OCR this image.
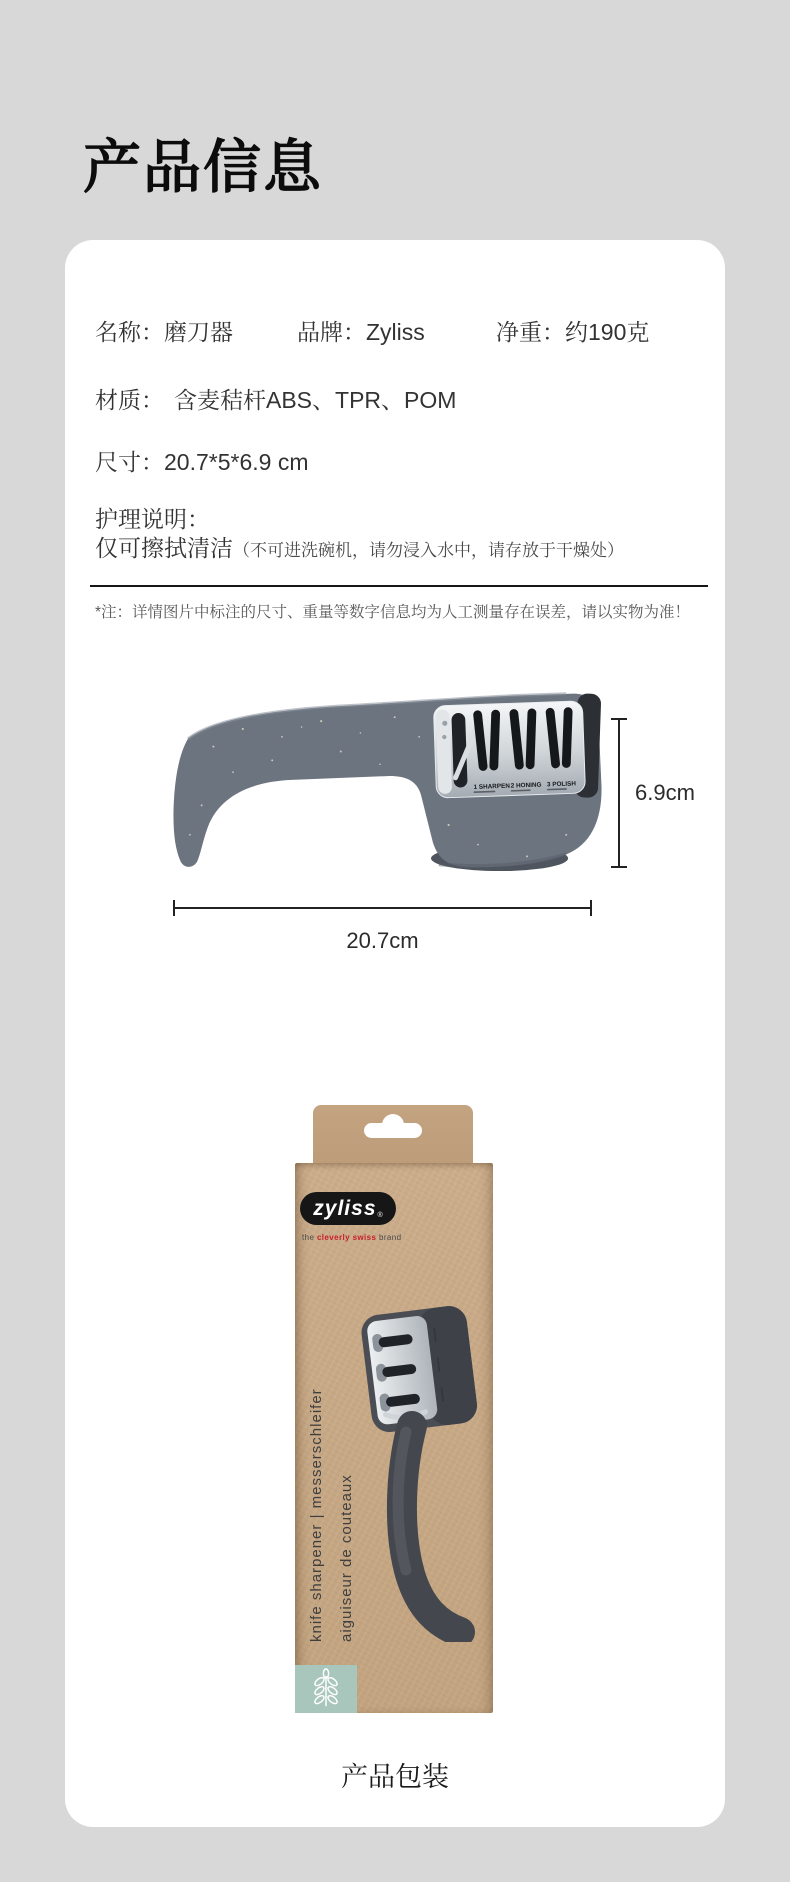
产品信息
名称：磨刀器	品牌：Zyliss	净重：约190克
材质： 含麦秸杆ABS、TPR、POM
尺寸：20.7*5*6.9 cm
护理说明：
仅可擦拭清洁（不可进洗碗机，请勿浸入水中，请存放于干燥处）
*注：详情图片中标注的尺寸、重量等数字信息均为人工测量存在误差，请以实物为准！
1 SHARPEN 2 HONING 3 POLISH	6.9cm
20.7cm
zyliss ®
the cleverly swiss brand
knife sharpener | messerschleifer aiguiseur de couteaux
产品包装
